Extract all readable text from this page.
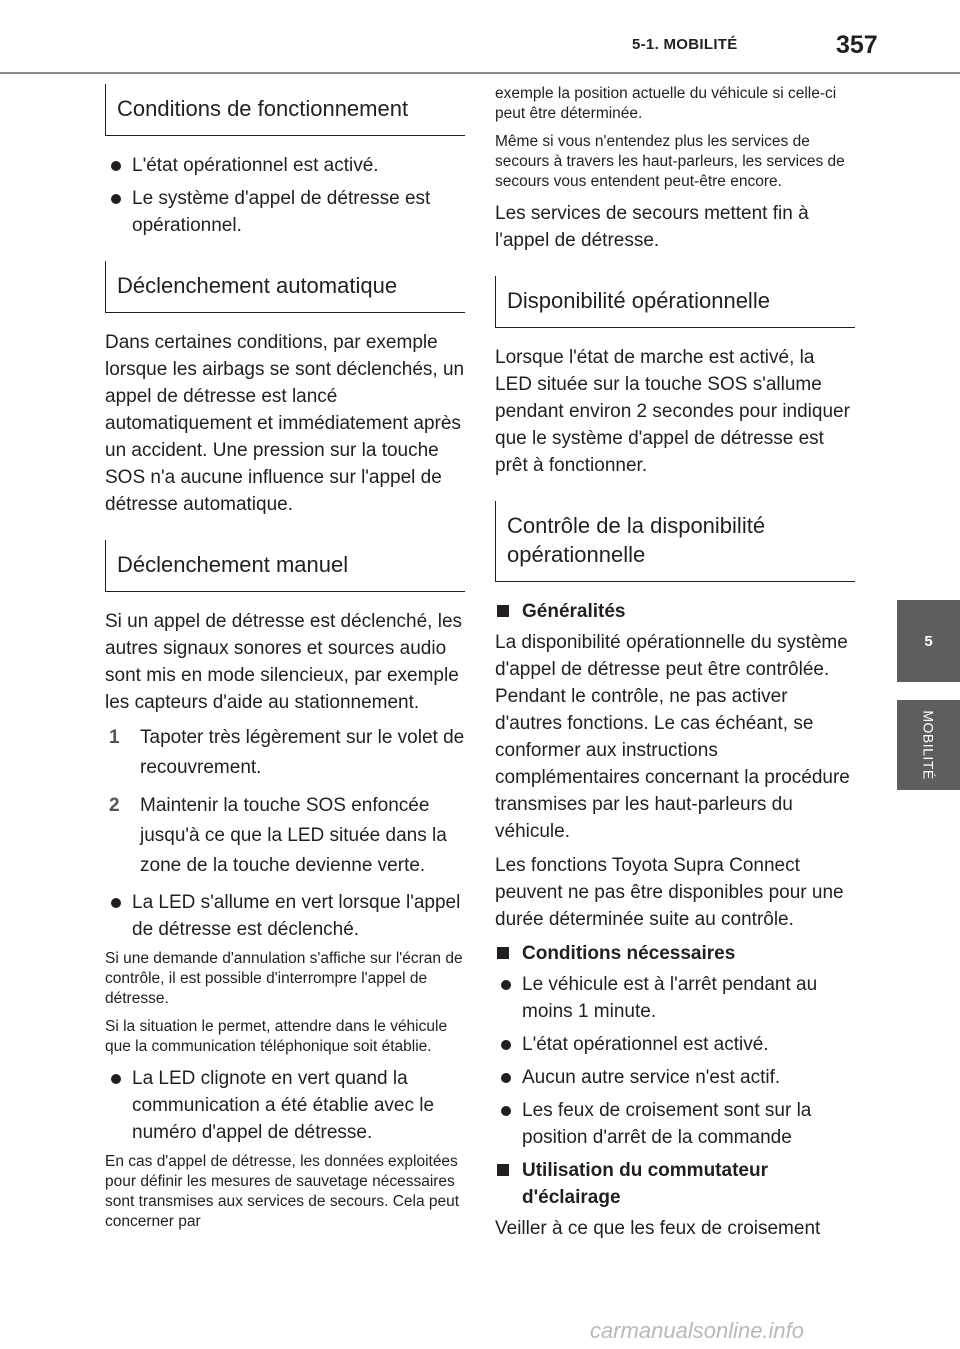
5-1. MOBILITÉ	357
5
MOBILITÉ
Conditions de fonctionnement
L'état opérationnel est activé.
Le système d'appel de détresse est opérationnel.
Déclenchement automatique
Dans certaines conditions, par exemple lorsque les airbags se sont déclenchés, un appel de détresse est lancé automatiquement et immédiatement après un accident. Une pression sur la touche SOS n'a aucune influence sur l'appel de détresse automatique.
Déclenchement manuel
Si un appel de détresse est déclenché, les autres signaux sonores et sources audio sont mis en mode silencieux, par exemple les capteurs d'aide au stationnement.
1 Tapoter très légèrement sur le volet de recouvrement.
2 Maintenir la touche SOS enfoncée jusqu'à ce que la LED située dans la zone de la touche devienne verte.
La LED s'allume en vert lorsque l'appel de détresse est déclenché.
Si une demande d'annulation s'affiche sur l'écran de contrôle, il est possible d'interrompre l'appel de détresse.
Si la situation le permet, attendre dans le véhicule que la communication téléphonique soit établie.
La LED clignote en vert quand la communication a été établie avec le numéro d'appel de détresse.
En cas d'appel de détresse, les données exploitées pour définir les mesures de sauvetage nécessaires sont transmises aux services de secours. Cela peut concerner par
exemple la position actuelle du véhicule si celle-ci peut être déterminée.
Même si vous n'entendez plus les services de secours à travers les haut-parleurs, les services de secours vous entendent peut-être encore.
Les services de secours mettent fin à l'appel de détresse.
Disponibilité opérationnelle
Lorsque l'état de marche est activé, la LED située sur la touche SOS s'allume pendant environ 2 secondes pour indiquer que le système d'appel de détresse est prêt à fonctionner.
Contrôle de la disponibilité opérationnelle
Généralités
La disponibilité opérationnelle du système d'appel de détresse peut être contrôlée. Pendant le contrôle, ne pas activer d'autres fonctions. Le cas échéant, se conformer aux instructions complémentaires concernant la procédure transmises par les haut-parleurs du véhicule.
Les fonctions Toyota Supra Connect peuvent ne pas être disponibles pour une durée déterminée suite au contrôle.
Conditions nécessaires
Le véhicule est à l'arrêt pendant au moins 1 minute.
L'état opérationnel est activé.
Aucun autre service n'est actif.
Les feux de croisement sont sur la position d'arrêt de la commande
Utilisation du commutateur d'éclairage
Veiller à ce que les feux de croisement
carmanualsonline.info
